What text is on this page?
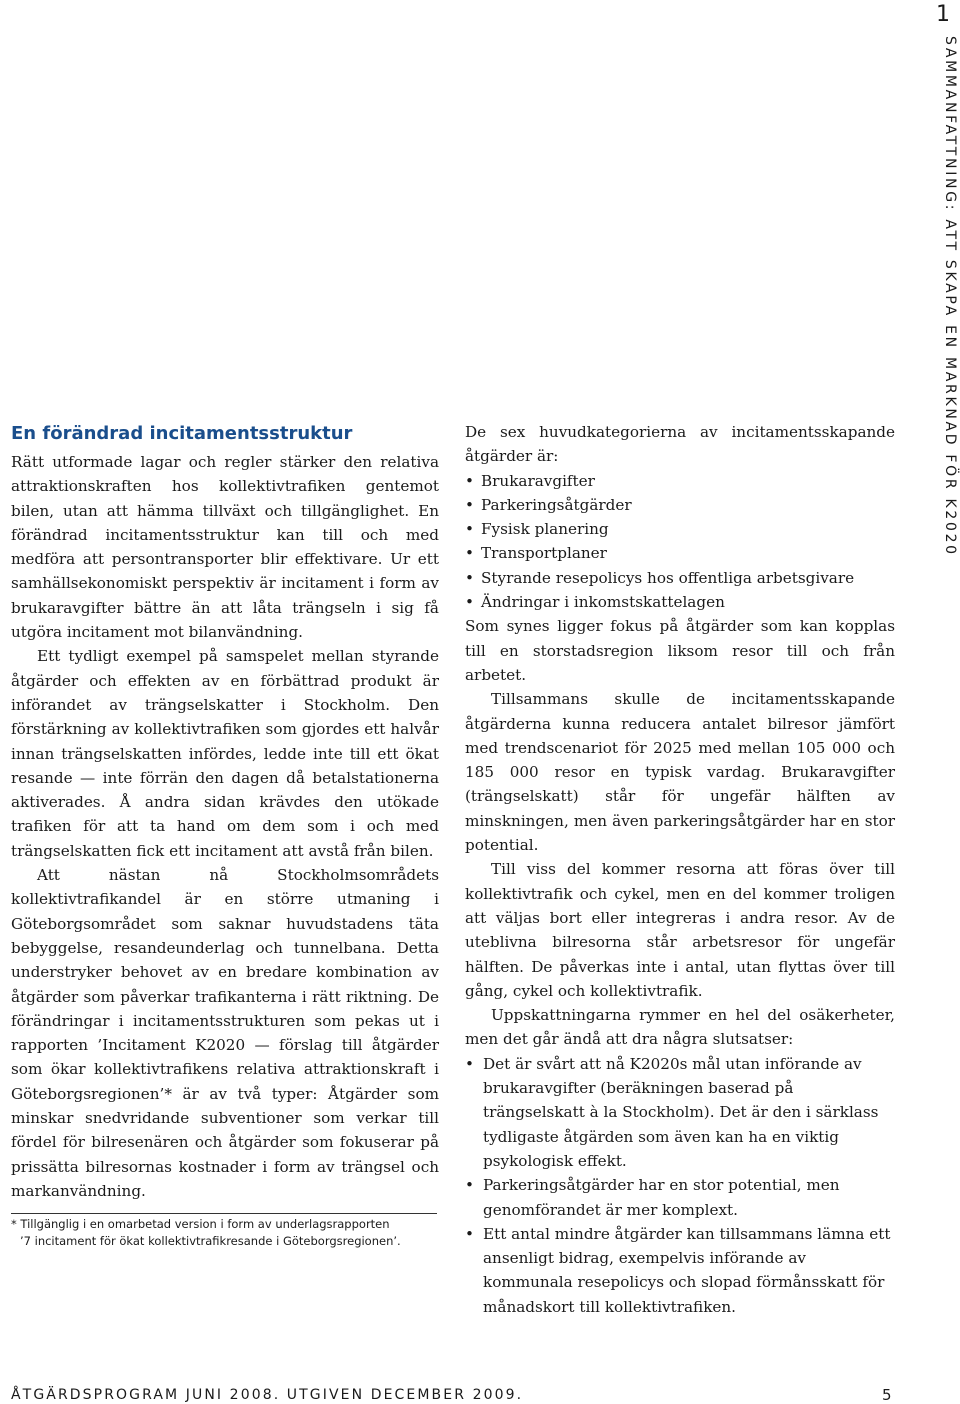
En förändrad incitamentsstruktur

Rätt utformade lagar och regler stärker den relativa attraktionskraften hos kollektivtrafiken gentemot bilen, utan att hämma tillväxt och tillgänglighet. En förändrad incitamentsstruktur kan till och med medföra att persontransporter blir effektivare. Ur ett samhällsekonomiskt perspektiv är incitament i form av brukaravgifter bättre än att låta trängseln i sig få utgöra incitament mot bilanvändning.

Ett tydligt exempel på samspelet mellan styrande åtgärder och effekten av en förbättrad produkt är införandet av trängselskatter i Stockholm. Den förstärkning av kollektivtrafiken som gjordes ett halvår innan trängselskatten infördes, ledde inte till ett ökat resande — inte förrän den dagen då betalstationerna aktiverades. Å andra sidan krävdes den utökade trafiken för att ta hand om dem som i och med trängselskatten fick ett incitament att avstå från bilen.

Att nästan nå Stockholmsområdets kollektivtrafikandel är en större utmaning i Göteborgsområdet som saknar huvudstadens täta bebyggelse, resandeunderlag och tunnelbana. Detta understryker behovet av en bredare kombination av åtgärder som påverkar trafikanterna i rätt riktning. De förändringar i incitamentsstrukturen som pekas ut i rapporten ’Incitament K2020 — förslag till åtgärder som ökar kollektivtrafikens relativa attraktionskraft i Göteborgsregionen’* är av två typer: Åtgärder som minskar snedvridande subventioner som verkar till fördel för bilresenären och åtgärder som fokuserar på prissätta bilresornas kostnader i form av trängsel och markanvändning.

De sex huvudkategorierna av incitamentsskapande åtgärder är:

• Brukaravgifter
• Parkeringsåtgärder
• Fysisk planering
• Transportplaner
• Styrande resepolicys hos offentliga arbetsgivare
• Ändringar i inkomstskattelagen

Som synes ligger fokus på åtgärder som kan kopplas till en storstadsregion liksom resor till och från arbetet.

Tillsammans skulle de incitamentsskapande åtgärderna kunna reducera antalet bilresor jämfört med trendscenariot för 2025 med mellan 105 000 och 185 000 resor en typisk vardag. Brukaravgifter (trängselskatt) står för ungefär hälften av minskningen, men även parkeringsåtgärder har en stor potential.

Till viss del kommer resorna att föras över till kollektivtrafik och cykel, men en del kommer troligen att väljas bort eller integreras i andra resor. Av de uteblivna bilresorna står arbetsresor för ungefär hälften. De påverkas inte i antal, utan flyttas över till gång, cykel och kollektivtrafik.

Uppskattningarna rymmer en hel del osäkerheter, men det går ändå att dra några slutsatser:

• Det är svårt att nå K2020s mål utan införande av brukaravgifter (beräkningen baserad på trängselskatt à la Stockholm). Det är den i särklass tydligaste åtgärden som även kan ha en viktig psykologisk effekt.
• Parkeringsåtgärder har en stor potential, men genomförandet är mer komplext.
• Ett antal mindre åtgärder kan tillsammans lämna ett ansenligt bidrag, exempelvis införande av kommunala resepolicys och slopad förmånsskatt för månadskort till kollektivtrafiken.
* Tillgänglig i en omarbetad version i form av underlagsrapporten
’7 incitament för ökat kollektivtrafikresande i Göteborgsregionen’.
ÅTGÄRDSPROGRAM JUNI 2008. UTGIVEN DECEMBER 2009.	5
1
SAMMANFATTNING: ATT SKAPA EN MARKNAD FÖR K2020
